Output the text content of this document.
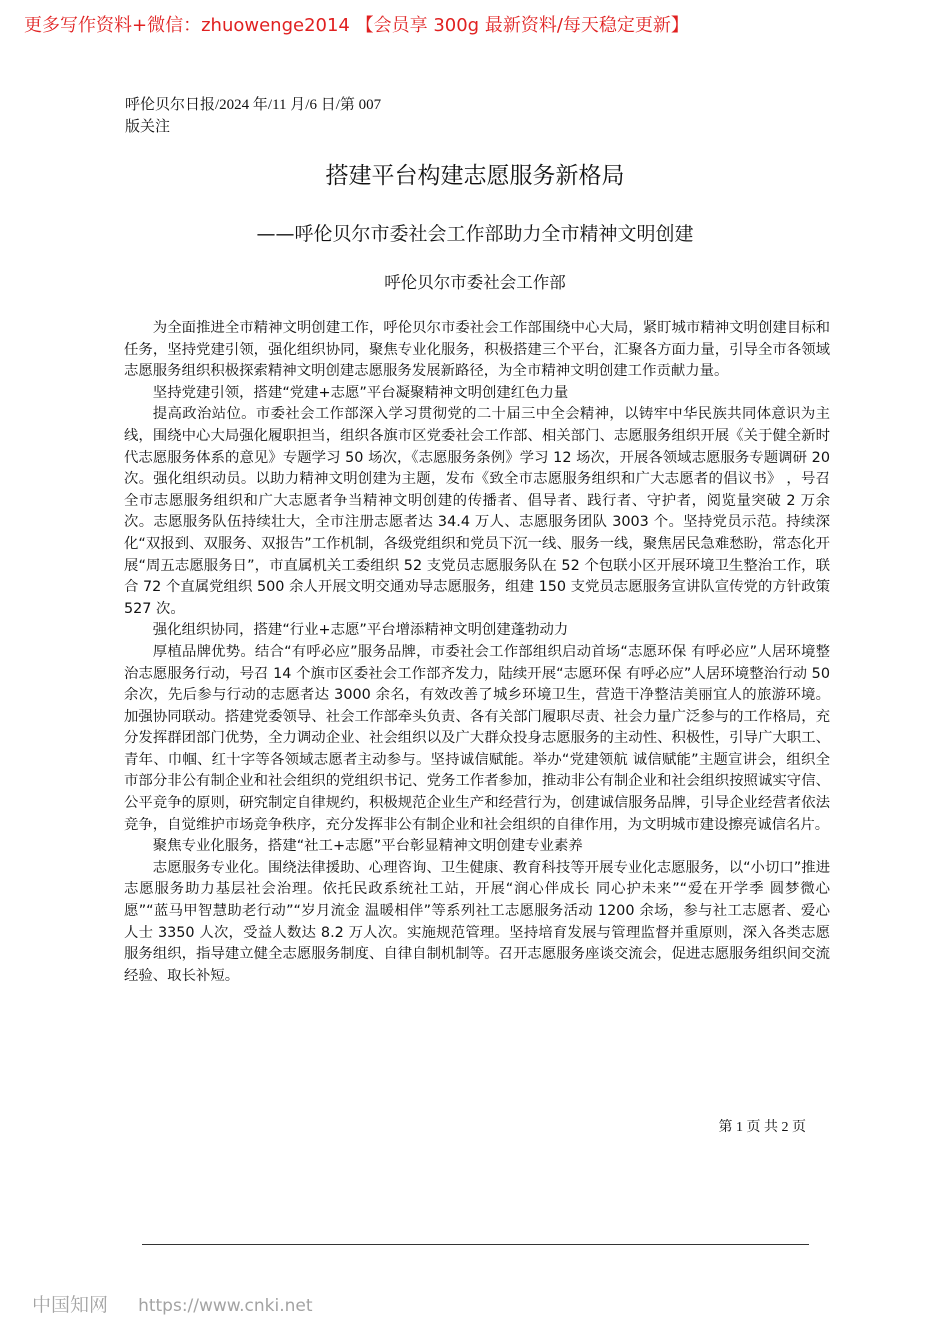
更多写作资料+微信：zhuowenge2014 【会员享 300g 最新资料/每天稳定更新】
呼伦贝尔日报/2024 年/11 月/6 日/第 007
版关注
搭建平台构建志愿服务新格局
——呼伦贝尔市委社会工作部助力全市精神文明创建
呼伦贝尔市委社会工作部

为全面推进全市精神文明创建工作，呼伦贝尔市委社会工作部围绕中心大局，紧盯城市精神文明创建目标和任务，坚持党建引领，强化组织协同，聚焦专业化服务，积极搭建三个平台，汇聚各方面力量，引导全市各领域志愿服务组织积极探索精神文明创建志愿服务发展新路径，为全市精神文明创建工作贡献力量。

坚持党建引领，搭建“党建+志愿”平台凝聚精神文明创建红色力量

提高政治站位。市委社会工作部深入学习贯彻党的二十届三中全会精神，以铸牢中华民族共同体意识为主线，围绕中心大局强化履职担当，组织各旗市区党委社会工作部、相关部门、志愿服务组织开展《关于健全新时代志愿服务体系的意见》专题学习 50 场次，《志愿服务条例》学习 12 场次，开展各领域志愿服务专题调研 20 次。强化组织动员。以助力精神文明创建为主题，发布《致全市志愿服务组织和广大志愿者的倡议书》 ，号召全市志愿服务组织和广大志愿者争当精神文明创建的传播者、倡导者、践行者、守护者，阅览量突破 2 万余次。志愿服务队伍持续壮大，全市注册志愿者达 34.4 万人、志愿服务团队 3003 个。坚持党员示范。持续深化“双报到、双服务、双报告”工作机制，各级党组织和党员下沉一线、服务一线，聚焦居民急难愁盼，常态化开展“周五志愿服务日”，市直属机关工委组织 52 支党员志愿服务队在 52 个包联小区开展环境卫生整治工作，联合 72 个直属党组织 500 余人开展文明交通劝导志愿服务，组建 150 支党员志愿服务宣讲队宣传党的方针政策 527 次。

强化组织协同，搭建“行业+志愿”平台增添精神文明创建蓬勃动力

厚植品牌优势。结合“有呼必应”服务品牌，市委社会工作部组织启动首场“志愿环保 有呼必应”人居环境整治志愿服务行动，号召 14 个旗市区委社会工作部齐发力，陆续开展“志愿环保 有呼必应”人居环境整治行动 50 余次，先后参与行动的志愿者达 3000 余名，有效改善了城乡环境卫生，营造干净整洁美丽宜人的旅游环境。加强协同联动。搭建党委领导、社会工作部牵头负责、各有关部门履职尽责、社会力量广泛参与的工作格局，充分发挥群团部门优势，全力调动企业、社会组织以及广大群众投身志愿服务的主动性、积极性，引导广大职工、青年、巾帼、红十字等各领域志愿者主动参与。坚持诚信赋能。举办“党建领航 诚信赋能”主题宣讲会，组织全市部分非公有制企业和社会组织的党组织书记、党务工作者参加，推动非公有制企业和社会组织按照诚实守信、公平竞争的原则，研究制定自律规约，积极规范企业生产和经营行为，创建诚信服务品牌，引导企业经营者依法竞争，自觉维护市场竞争秩序，充分发挥非公有制企业和社会组织的自律作用，为文明城市建设擦亮诚信名片。

聚焦专业化服务，搭建“社工+志愿”平台彰显精神文明创建专业素养

志愿服务专业化。围绕法律援助、心理咨询、卫生健康、教育科技等开展专业化志愿服务，以“小切口”推进志愿服务助力基层社会治理。依托民政系统社工站，开展“润心伴成长 同心护未来”“爱在开学季 圆梦微心愿”“蓝马甲智慧助老行动”“岁月流金 温暖相伴”等系列社工志愿服务活动 1200 余场，参与社工志愿者、爱心人士 3350 人次，受益人数达 8.2 万人次。实施规范管理。坚持培育发展与管理监督并重原则，深入各类志愿服务组织，指导建立健全志愿服务制度、自律自制机制等。召开志愿服务座谈交流会，促进志愿服务组织间交流经验、取长补短。

第 1 页 共 2 页
中国知网 https://www.cnki.net
